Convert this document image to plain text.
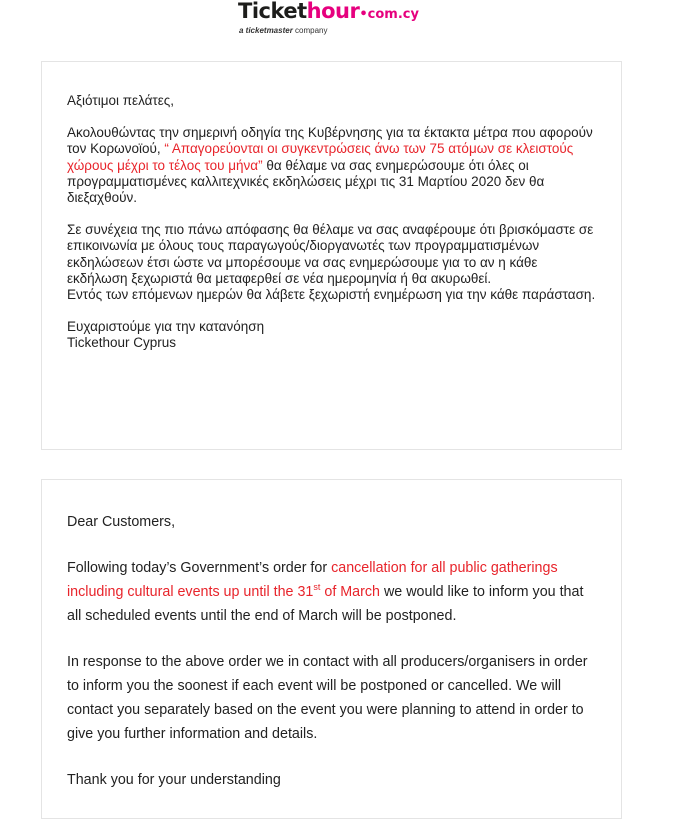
Tickethour•com.cy
a ticketmaster company

Αξιότιμοι πελάτες,

Ακολουθώντας την σημερινή οδηγία της Κυβέρνησης για τα έκτακτα μέτρα που αφορούν τον Κορωνοϊού, “ Απαγορεύονται οι συγκεντρώσεις άνω των 75 ατόμων σε κλειστούς χώρους μέχρι το τέλος του μήνα” θα θέλαμε να σας ενημερώσουμε ότι όλες οι προγραμματισμένες καλλιτεχνικές εκδηλώσεις μέχρι τις 31 Μαρτίου 2020 δεν θα διεξαχθούν.

Σε συνέχεια της πιο πάνω απόφασης θα θέλαμε να σας αναφέρουμε ότι βρισκόμαστε σε επικοινωνία με όλους τους παραγωγούς/διοργανωτές των προγραμματισμένων εκδηλώσεων έτσι ώστε να μπορέσουμε να σας ενημερώσουμε για το αν η κάθε εκδήλωση ξεχωριστά θα μεταφερθεί σε νέα ημερομηνία ή θα ακυρωθεί.

Εντός των επόμενων ημερών θα λάβετε ξεχωριστή ενημέρωση για την κάθε παράσταση.

Ευχαριστούμε για την κατανόηση

Tickethour Cyprus

Dear Customers,

Following today’s Government’s order for cancellation for all public gatherings including cultural events up until the 31st of March we would like to inform you that all scheduled events until the end of March will be postponed.

In response to the above order we in contact with all producers/organisers in order to inform you the soonest if each event will be postponed or cancelled. We will contact you separately based on the event you were planning to attend in order to give you further information and details.

Thank you for your understanding
